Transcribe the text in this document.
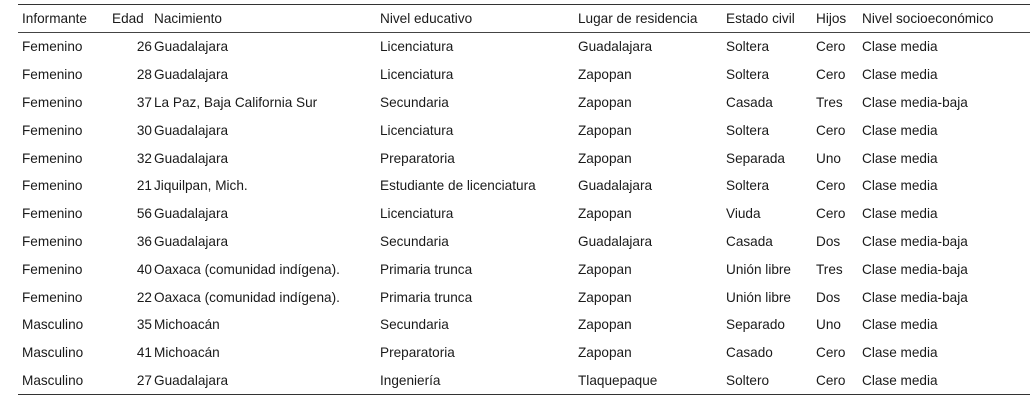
Informante	Edad	Nacimiento	Nivel educativo	Lugar de residencia	Estado civil	Hijos	Nivel socioeconómico
Femenino	26	Guadalajara	Licenciatura	Guadalajara	Soltera	Cero	Clase media
Femenino	28	Guadalajara	Licenciatura	Zapopan	Soltera	Cero	Clase media
Femenino	37	La Paz, Baja California Sur	Secundaria	Zapopan	Casada	Tres	Clase media-baja
Femenino	30	Guadalajara	Licenciatura	Zapopan	Soltera	Cero	Clase media
Femenino	32	Guadalajara	Preparatoria	Zapopan	Separada	Uno	Clase media
Femenino	21	Jiquilpan, Mich.	Estudiante de licenciatura	Guadalajara	Soltera	Cero	Clase media
Femenino	56	Guadalajara	Licenciatura	Zapopan	Viuda	Cero	Clase media
Femenino	36	Guadalajara	Secundaria	Guadalajara	Casada	Dos	Clase media-baja
Femenino	40	Oaxaca (comunidad indígena).	Primaria trunca	Zapopan	Unión libre	Tres	Clase media-baja
Femenino	22	Oaxaca (comunidad indígena).	Primaria trunca	Zapopan	Unión libre	Dos	Clase media-baja
Masculino	35	Michoacán	Secundaria	Zapopan	Separado	Uno	Clase media
Masculino	41	Michoacán	Preparatoria	Zapopan	Casado	Cero	Clase media
Masculino	27	Guadalajara	Ingeniería	Tlaquepaque	Soltero	Cero	Clase media
